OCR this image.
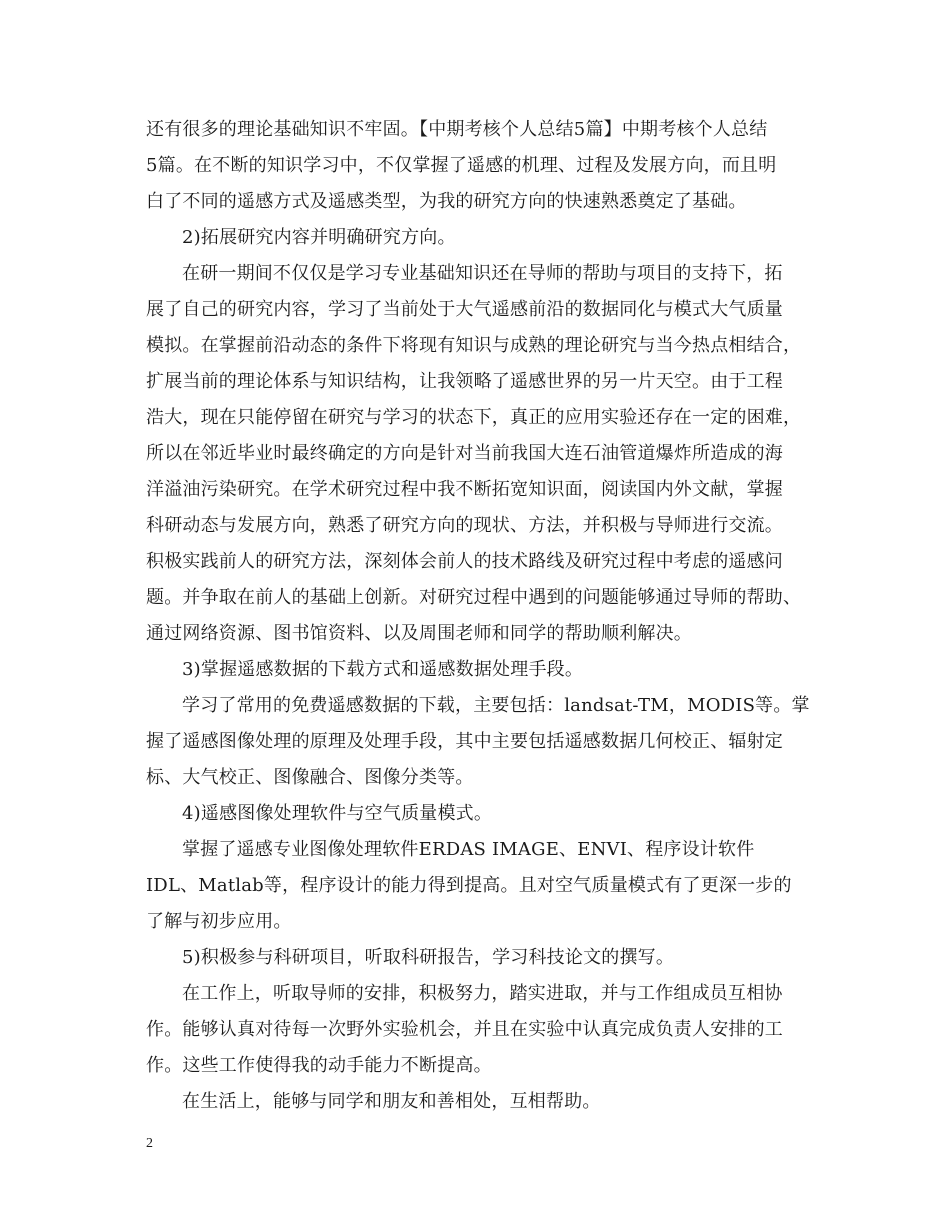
还有很多的理论基础知识不牢固。【中期考核个人总结5篇】中期考核个人总结
5篇。在不断的知识学习中，不仅掌握了遥感的机理、过程及发展方向，而且明
白了不同的遥感方式及遥感类型，为我的研究方向的快速熟悉奠定了基础。
2)拓展研究内容并明确研究方向。
在研一期间不仅仅是学习专业基础知识还在导师的帮助与项目的支持下，拓
展了自己的研究内容，学习了当前处于大气遥感前沿的数据同化与模式大气质量
模拟。在掌握前沿动态的条件下将现有知识与成熟的理论研究与当今热点相结合，
扩展当前的理论体系与知识结构，让我领略了遥感世界的另一片天空。由于工程
浩大，现在只能停留在研究与学习的状态下，真正的应用实验还存在一定的困难，
所以在邻近毕业时最终确定的方向是针对当前我国大连石油管道爆炸所造成的海
洋溢油污染研究。在学术研究过程中我不断拓宽知识面，阅读国内外文献，掌握
科研动态与发展方向，熟悉了研究方向的现状、方法，并积极与导师进行交流。
积极实践前人的研究方法，深刻体会前人的技术路线及研究过程中考虑的遥感问
题。并争取在前人的基础上创新。对研究过程中遇到的问题能够通过导师的帮助、
通过网络资源、图书馆资料、以及周围老师和同学的帮助顺利解决。
3)掌握遥感数据的下载方式和遥感数据处理手段。
学习了常用的免费遥感数据的下载，主要包括：landsat-TM，MODIS等。掌
握了遥感图像处理的原理及处理手段，其中主要包括遥感数据几何校正、辐射定
标、大气校正、图像融合、图像分类等。
4)遥感图像处理软件与空气质量模式。
掌握了遥感专业图像处理软件ERDAS IMAGE、ENVI、程序设计软件
IDL、Matlab等，程序设计的能力得到提高。且对空气质量模式有了更深一步的
了解与初步应用。
5)积极参与科研项目，听取科研报告，学习科技论文的撰写。
在工作上，听取导师的安排，积极努力，踏实进取，并与工作组成员互相协
作。能够认真对待每一次野外实验机会，并且在实验中认真完成负责人安排的工
作。这些工作使得我的动手能力不断提高。
在生活上，能够与同学和朋友和善相处，互相帮助。
2
